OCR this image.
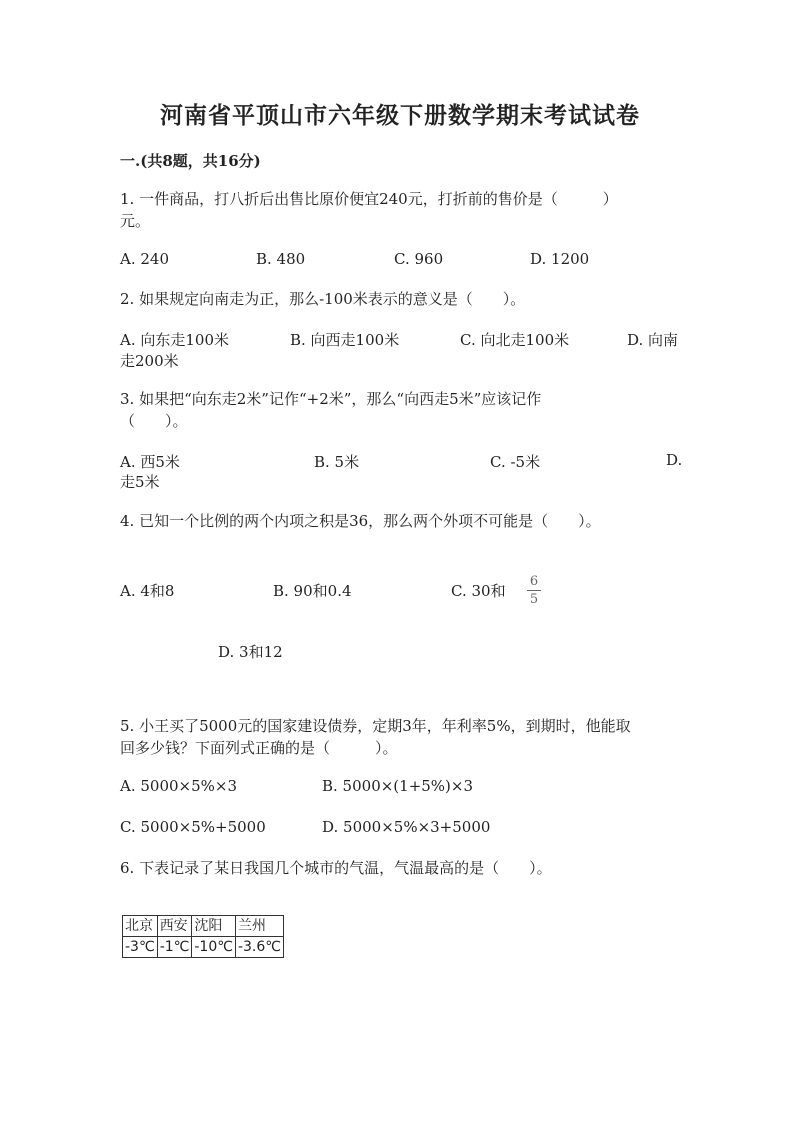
河南省平顶山市六年级下册数学期末考试试卷
一.(共8题，共16分)
1. 一件商品，打八折后出售比原价便宜240元，打折前的售价是（　　　）
元。
A. 240	B. 480	C. 960	D. 1200
2. 如果规定向南走为正，那么-100米表示的意义是（　　）。
A. 向东走100米	B. 向西走100米	C. 向北走100米	D. 向南
走200米
3. 如果把“向东走2米”记作“+2米”，那么“向西走5米”应该记作
（　　）。
A. 西5米	B. 5米	C. -5米	D.
走5米
4. 已知一个比例的两个内项之积是36，那么两个外项不可能是（　　）。
A. 4和8	B. 90和0.4	C. 30和
6
5
D. 3和12
5. 小王买了5000元的国家建设债券，定期3年，年利率5%，到期时，他能取
回多少钱？下面列式正确的是（　　　）。
A. 5000×5%×3	B. 5000×(1+5%)×3
C. 5000×5%+5000	D. 5000×5%×3+5000
6. 下表记录了某日我国几个城市的气温，气温最高的是（　　）。
北京	西安	沈阳	兰州
-3℃	-1℃	-10℃	-3.6℃
